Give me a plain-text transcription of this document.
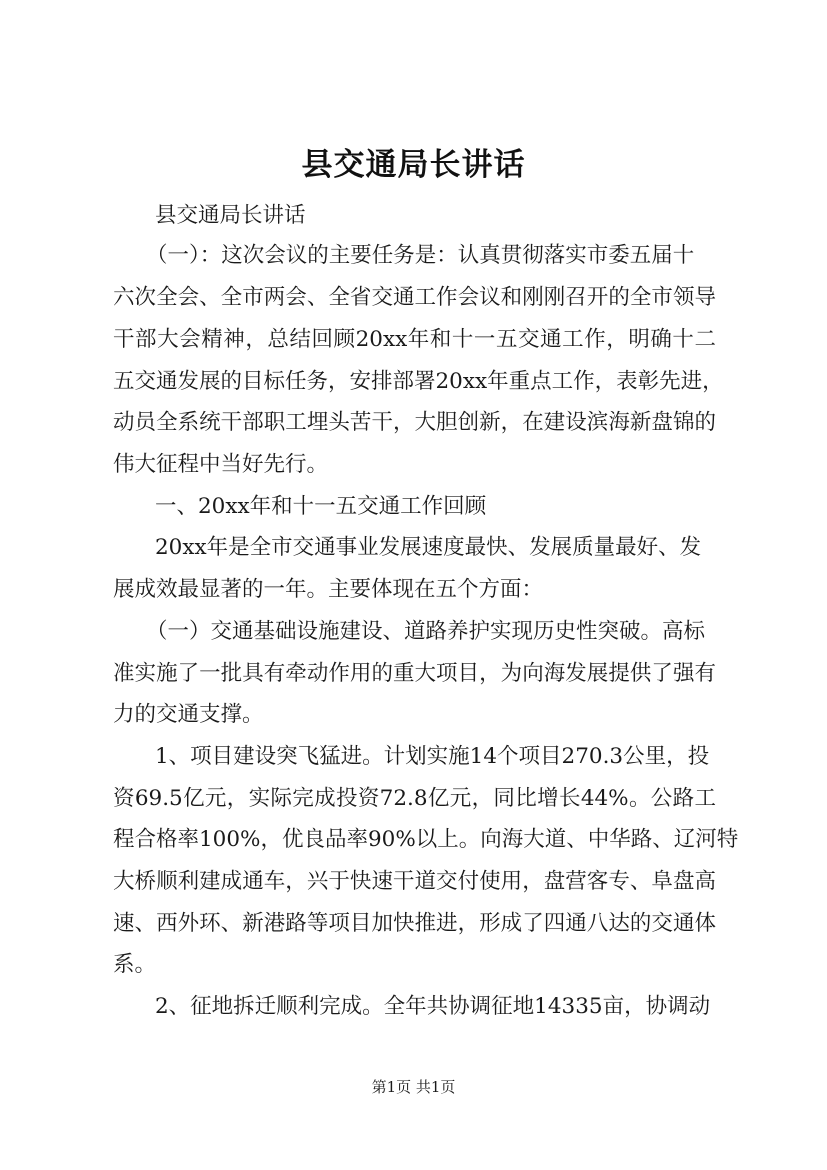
县交通局长讲话
县交通局长讲话
（一）：这次会议的主要任务是：认真贯彻落实市委五届十
六次全会、全市两会、全省交通工作会议和刚刚召开的全市领导
干部大会精神，总结回顾20xx年和十一五交通工作，明确十二
五交通发展的目标任务，安排部署20xx年重点工作，表彰先进，
动员全系统干部职工埋头苦干，大胆创新，在建设滨海新盘锦的
伟大征程中当好先行。
一、20xx年和十一五交通工作回顾
20xx年是全市交通事业发展速度最快、发展质量最好、发
展成效最显著的一年。主要体现在五个方面：
（一）交通基础设施建设、道路养护实现历史性突破。高标
准实施了一批具有牵动作用的重大项目，为向海发展提供了强有
力的交通支撑。
1、项目建设突飞猛进。计划实施14个项目270.3公里，投
资69.5亿元，实际完成投资72.8亿元，同比增长44%。公路工
程合格率100%，优良品率90%以上。向海大道、中华路、辽河特
大桥顺利建成通车，兴于快速干道交付使用，盘营客专、阜盘高
速、西外环、新港路等项目加快推进，形成了四通八达的交通体
系。
2、征地拆迁顺利完成。全年共协调征地14335亩，协调动
第1页 共1页
